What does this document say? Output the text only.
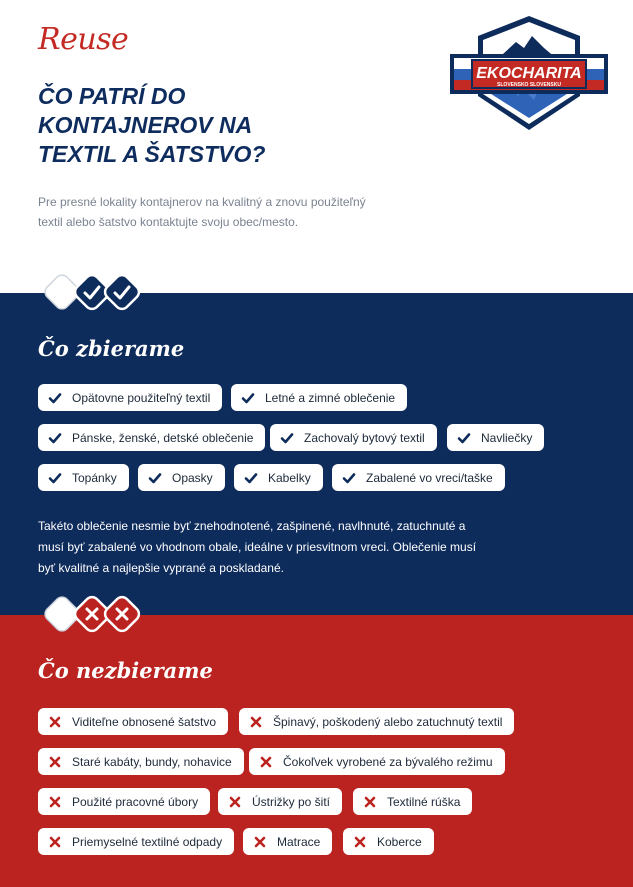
Reuse
ČO PATRÍ DO
KONTAJNEROV NA
TEXTIL A ŠATSTVO?
Pre presné lokality kontajnerov na kvalitný a znovu použiteľný
textil alebo šatstvo kontaktujte svoju obec/mesto.
EKOCHARITA
SLOVENSKO SLOVENSKU
Čo zbierame
Opätovne použiteľný textil	Letné a zimné oblečenie
Pánske, ženské, detské oblečenie	Zachovalý bytový textil	Navliečky
Topánky	Opasky	Kabelky	Zabalené vo vreci/taške
Takéto oblečenie nesmie byť znehodnotené, zašpinené, navlhnuté, zatuchnuté a
musí byť zabalené vo vhodnom obale, ideálne v priesvitnom vreci. Oblečenie musí
byť kvalitné a najlepšie vyprané a poskladané.
Čo nezbierame
Viditeľne obnosené šatstvo	Špinavý, poškodený alebo zatuchnutý textil
Staré kabáty, bundy, nohavice	Čokoľvek vyrobené za bývalého režimu
Použité pracovné úbory	Ústrižky po šití	Textilné rúška
Priemyselné textilné odpady	Matrace	Koberce
